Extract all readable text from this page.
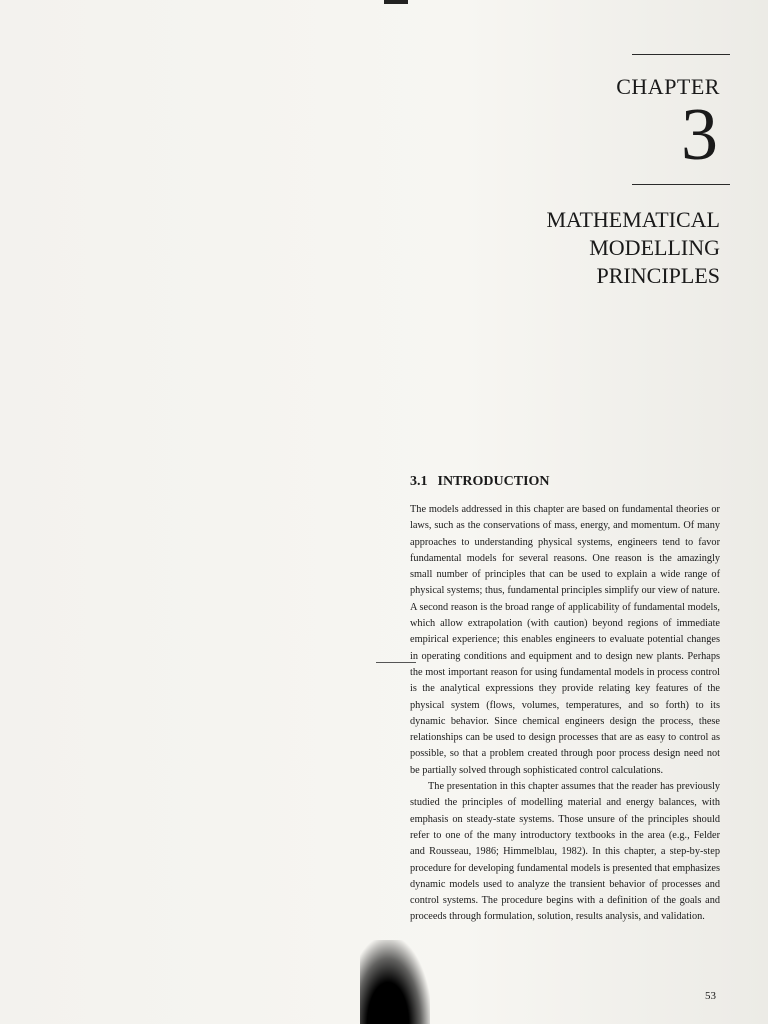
CHAPTER
3
MATHEMATICAL
MODELLING
PRINCIPLES
3.1 INTRODUCTION

The models addressed in this chapter are based on fundamental theories or laws, such as the conservations of mass, energy, and momentum. Of many approaches to understanding physical systems, engineers tend to favor fundamental models for several reasons. One reason is the amazingly small number of principles that can be used to explain a wide range of physical systems; thus, fundamental principles simplify our view of nature. A second reason is the broad range of applicability of fundamental models, which allow extrapolation (with caution) beyond regions of immediate empirical experience; this enables engineers to evaluate potential changes in operating conditions and equipment and to design new plants. Perhaps the most important reason for using fundamental models in process control is the analytical expressions they provide relating key features of the physical system (flows, volumes, temperatures, and so forth) to its dynamic behavior. Since chemical engineers design the process, these relationships can be used to design processes that are as easy to control as possible, so that a problem created through poor process design need not be partially solved through sophisticated control calculations.

The presentation in this chapter assumes that the reader has previously studied the principles of modelling material and energy balances, with emphasis on steady-state systems. Those unsure of the principles should refer to one of the many introductory textbooks in the area (e.g., Felder and Rousseau, 1986; Himmelblau, 1982). In this chapter, a step-by-step procedure for developing fundamental models is presented that emphasizes dynamic models used to analyze the transient behavior of processes and control systems. The procedure begins with a definition of the goals and proceeds through formulation, solution, results analysis, and validation.

53
